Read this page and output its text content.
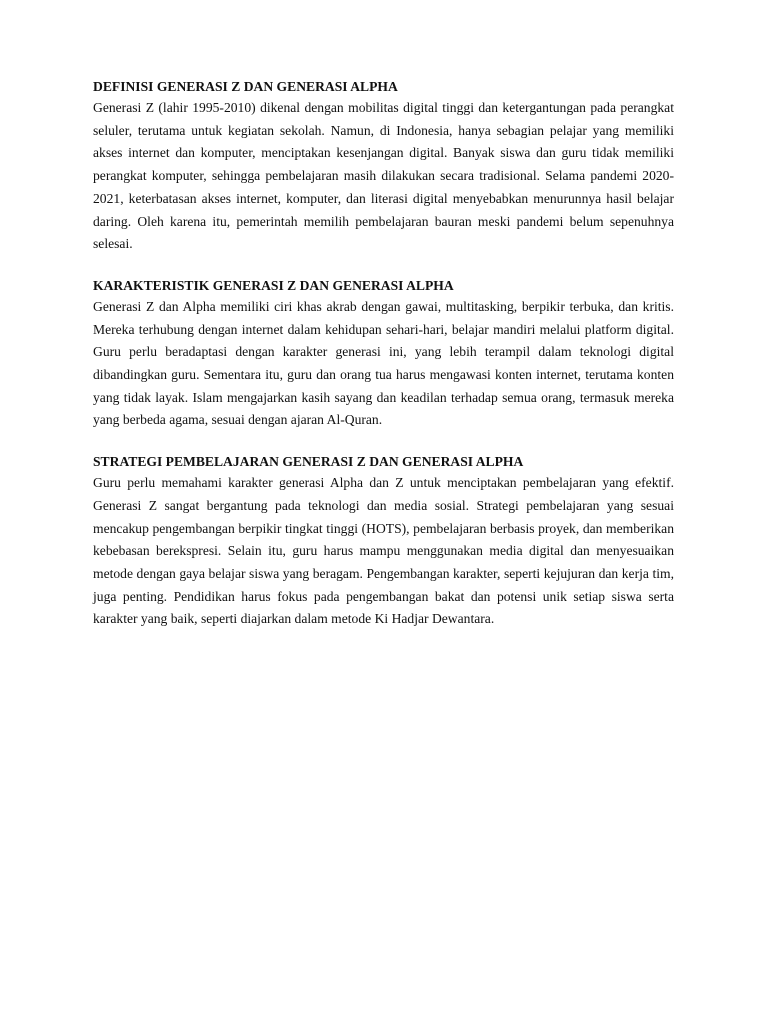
DEFINISI GENERASI Z DAN GENERASI ALPHA

Generasi Z (lahir 1995-2010) dikenal dengan mobilitas digital tinggi dan ketergantungan pada perangkat seluler, terutama untuk kegiatan sekolah. Namun, di Indonesia, hanya sebagian pelajar yang memiliki akses internet dan komputer, menciptakan kesenjangan digital. Banyak siswa dan guru tidak memiliki perangkat komputer, sehingga pembelajaran masih dilakukan secara tradisional. Selama pandemi 2020-2021, keterbatasan akses internet, komputer, dan literasi digital menyebabkan menurunnya hasil belajar daring. Oleh karena itu, pemerintah memilih pembelajaran bauran meski pandemi belum sepenuhnya selesai.

KARAKTERISTIK GENERASI Z DAN GENERASI ALPHA

Generasi Z dan Alpha memiliki ciri khas akrab dengan gawai, multitasking, berpikir terbuka, dan kritis. Mereka terhubung dengan internet dalam kehidupan sehari-hari, belajar mandiri melalui platform digital. Guru perlu beradaptasi dengan karakter generasi ini, yang lebih terampil dalam teknologi digital dibandingkan guru. Sementara itu, guru dan orang tua harus mengawasi konten internet, terutama konten yang tidak layak. Islam mengajarkan kasih sayang dan keadilan terhadap semua orang, termasuk mereka yang berbeda agama, sesuai dengan ajaran Al-Quran.

STRATEGI PEMBELAJARAN GENERASI Z DAN GENERASI ALPHA

Guru perlu memahami karakter generasi Alpha dan Z untuk menciptakan pembelajaran yang efektif. Generasi Z sangat bergantung pada teknologi dan media sosial. Strategi pembelajaran yang sesuai mencakup pengembangan berpikir tingkat tinggi (HOTS), pembelajaran berbasis proyek, dan memberikan kebebasan berekspresi. Selain itu, guru harus mampu menggunakan media digital dan menyesuaikan metode dengan gaya belajar siswa yang beragam. Pengembangan karakter, seperti kejujuran dan kerja tim, juga penting. Pendidikan harus fokus pada pengembangan bakat dan potensi unik setiap siswa serta karakter yang baik, seperti diajarkan dalam metode Ki Hadjar Dewantara.
